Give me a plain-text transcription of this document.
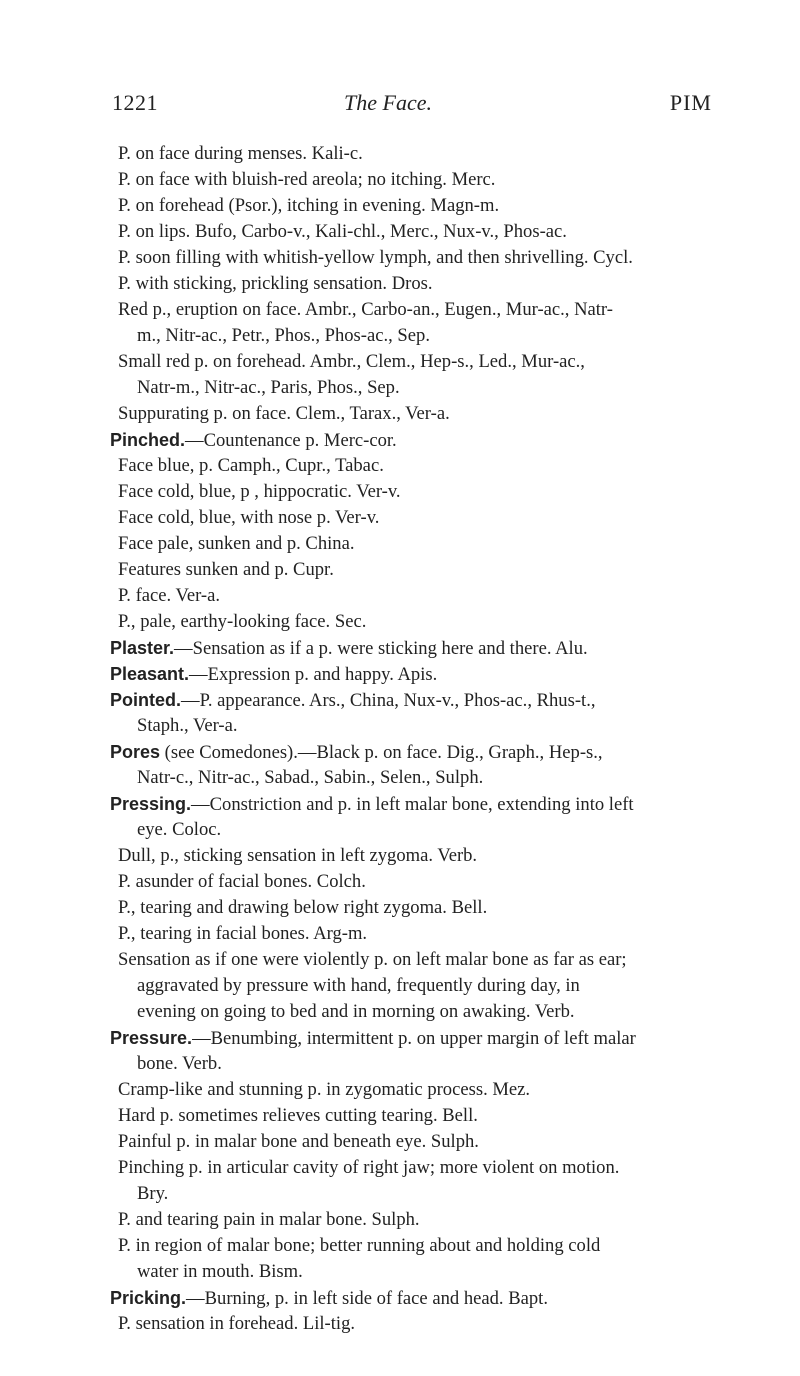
1221	The Face.	PIM
P. on face during menses. Kali-c.
P. on face with bluish-red areola; no itching. Merc.
P. on forehead (Psor.), itching in evening. Magn-m.
P. on lips. Bufo, Carbo-v., Kali-chl., Merc., Nux-v., Phos-ac.
P. soon filling with whitish-yellow lymph, and then shrivelling. Cycl.
P. with sticking, prickling sensation. Dros.
Red p., eruption on face. Ambr., Carbo-an., Eugen., Mur-ac., Natr-
m., Nitr-ac., Petr., Phos., Phos-ac., Sep.
Small red p. on forehead. Ambr., Clem., Hep-s., Led., Mur-ac.,
Natr-m., Nitr-ac., Paris, Phos., Sep.
Suppurating p. on face. Clem., Tarax., Ver-a.
Pinched.—Countenance p. Merc-cor.
Face blue, p. Camph., Cupr., Tabac.
Face cold, blue, p , hippocratic. Ver-v.
Face cold, blue, with nose p. Ver-v.
Face pale, sunken and p. China.
Features sunken and p. Cupr.
P. face. Ver-a.
P., pale, earthy-looking face. Sec.
Plaster.—Sensation as if a p. were sticking here and there. Alu.
Pleasant.—Expression p. and happy. Apis.
Pointed.—P. appearance. Ars., China, Nux-v., Phos-ac., Rhus-t.,
Staph., Ver-a.
Pores (see Comedones).—Black p. on face. Dig., Graph., Hep-s.,
Natr-c., Nitr-ac., Sabad., Sabin., Selen., Sulph.
Pressing.—Constriction and p. in left malar bone, extending into left
eye. Coloc.
Dull, p., sticking sensation in left zygoma. Verb.
P. asunder of facial bones. Colch.
P., tearing and drawing below right zygoma. Bell.
P., tearing in facial bones. Arg-m.
Sensation as if one were violently p. on left malar bone as far as ear;
aggravated by pressure with hand, frequently during day, in
evening on going to bed and in morning on awaking. Verb.
Pressure.—Benumbing, intermittent p. on upper margin of left malar
bone. Verb.
Cramp-like and stunning p. in zygomatic process. Mez.
Hard p. sometimes relieves cutting tearing. Bell.
Painful p. in malar bone and beneath eye. Sulph.
Pinching p. in articular cavity of right jaw; more violent on motion.
Bry.
P. and tearing pain in malar bone. Sulph.
P. in region of malar bone; better running about and holding cold
water in mouth. Bism.
Pricking.—Burning, p. in left side of face and head. Bapt.
P. sensation in forehead. Lil-tig.
